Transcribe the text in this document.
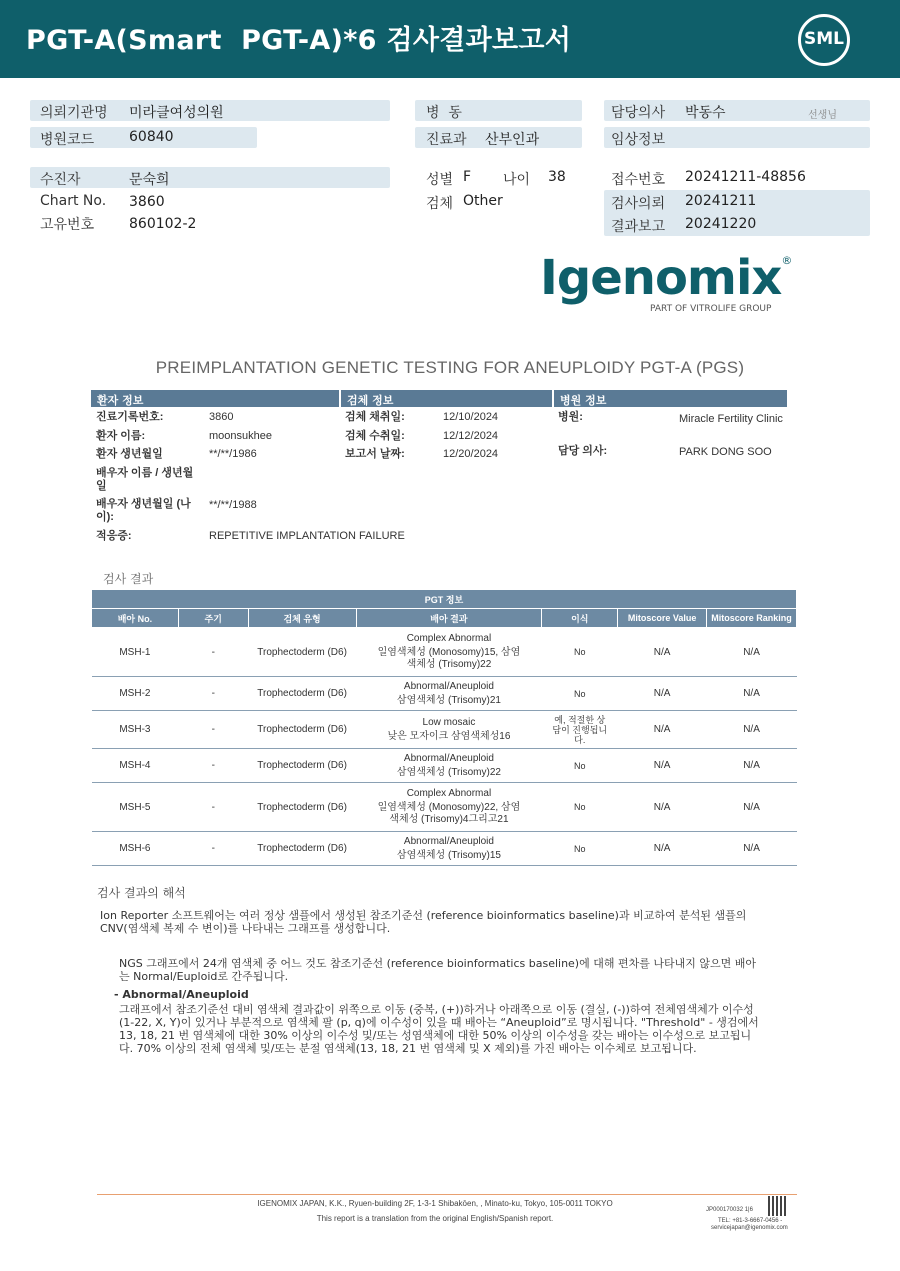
PGT-A(Smart  PGT-A)*6 검사결과보고서	SML
의뢰기관명 미라클여성의원
병원코드 60840
병  동
진료과 산부인과
담당의사 박동수	선생님
임상정보
수진자	문숙희
Chart No. 3860
고유번호 860102-2
성별 F 나이 38
검체 Other
접수번호 20241211-48856
검사의뢰 20241211
결과보고 20241220
Igenomix®
PART OF VITROLIFE GROUP
PREIMPLANTATION GENETIC TESTING FOR ANEUPLOIDY PGT-A (PGS)
환자 정보	검체 정보	병원 정보
진료기록번호:	3860
환자 이름:	moonsukhee
환자 생년월일	**/**/1986
배우자 이름 / 생년월일
배우자 생년월일 (나이):
**/**/1988
적응증:	REPETITIVE IMPLANTATION FAILURE
검체 채취일:	12/10/2024
검체 수취일:	12/12/2024
보고서 날짜:	12/20/2024
병원:	Miracle Fertility Clinic
담당 의사:	PARK DONG SOO
검사 결과
PGT 정보						
배아 No.	주기	검체 유형	배아 결과	이식	Mitoscore Value	Mitoscore Ranking
MSH-1	-	Trophectoderm (D6)	Complex Abnormal
일염색체성 (Monosomy)15, 삼염색체성 (Trisomy)22	No	N/A	N/A
MSH-2	-	Trophectoderm (D6)	Abnormal/Aneuploid
삼염색체성 (Trisomy)21	No	N/A	N/A
MSH-3	-	Trophectoderm (D6)	Low mosaic
낮은 모자이크 삼염색체성16	예, 적절한 상담이 진행됩니다.	N/A	N/A
MSH-4	-	Trophectoderm (D6)	Abnormal/Aneuploid
삼염색체성 (Trisomy)22	No	N/A	N/A
MSH-5	-	Trophectoderm (D6)	Complex Abnormal
일염색체성 (Monosomy)22, 삼염색체성 (Trisomy)4그리고21	No	N/A	N/A
MSH-6	-	Trophectoderm (D6)	Abnormal/Aneuploid
삼염색체성 (Trisomy)15	No	N/A	N/A
검사 결과의 해석
Ion Reporter 소프트웨어는 여러 정상 샘플에서 생성된 참조기준선 (reference bioinformatics baseline)과 비교하여 분석된 샘플의 CNV(염색체 복제 수 변이)를 나타내는 그래프를 생성합니다.
NGS 그래프에서 24개 염색체 중 어느 것도 참조기준선 (reference bioinformatics baseline)에 대해 편차를 나타내지 않으면 배아는 Normal/Euploid로 간주됩니다.
- Abnormal/Aneuploid
그래프에서 참조기준선 대비 염색체 결과값이 위쪽으로 이동 (중복, (+))하거나 아래쪽으로 이동 (결실, (-))하여 전체염색체가 이수성 (1-22, X, Y)이 있거나 부분적으로 염색체 팔 (p, q)에 이수성이 있을 때 배아는 “Aneuploid”로 명시됩니다. "Threshold" - 생검에서 13, 18, 21 번 염색체에 대한 30% 이상의 이수성 및/또는 성염색체에 대한 50% 이상의 이수성을 갖는 배아는 이수성으로 보고됩니다. 70% 이상의 전체 염색체 및/또는 분절 염색체(13, 18, 21 번 염색체 및 X 제외)를 가진 배아는 이수체로 보고됩니다.
IGENOMIX JAPAN, K.K., Ryuen-building 2F, 1-3-1 Shibakōen, , Minato-ku, Tokyo, 105-0011 TOKYO
This report is a translation from the original English/Spanish report.
JP000170032 1|6
TEL: +81-3-6667-0456 -
servicejapan@igenomix.com
